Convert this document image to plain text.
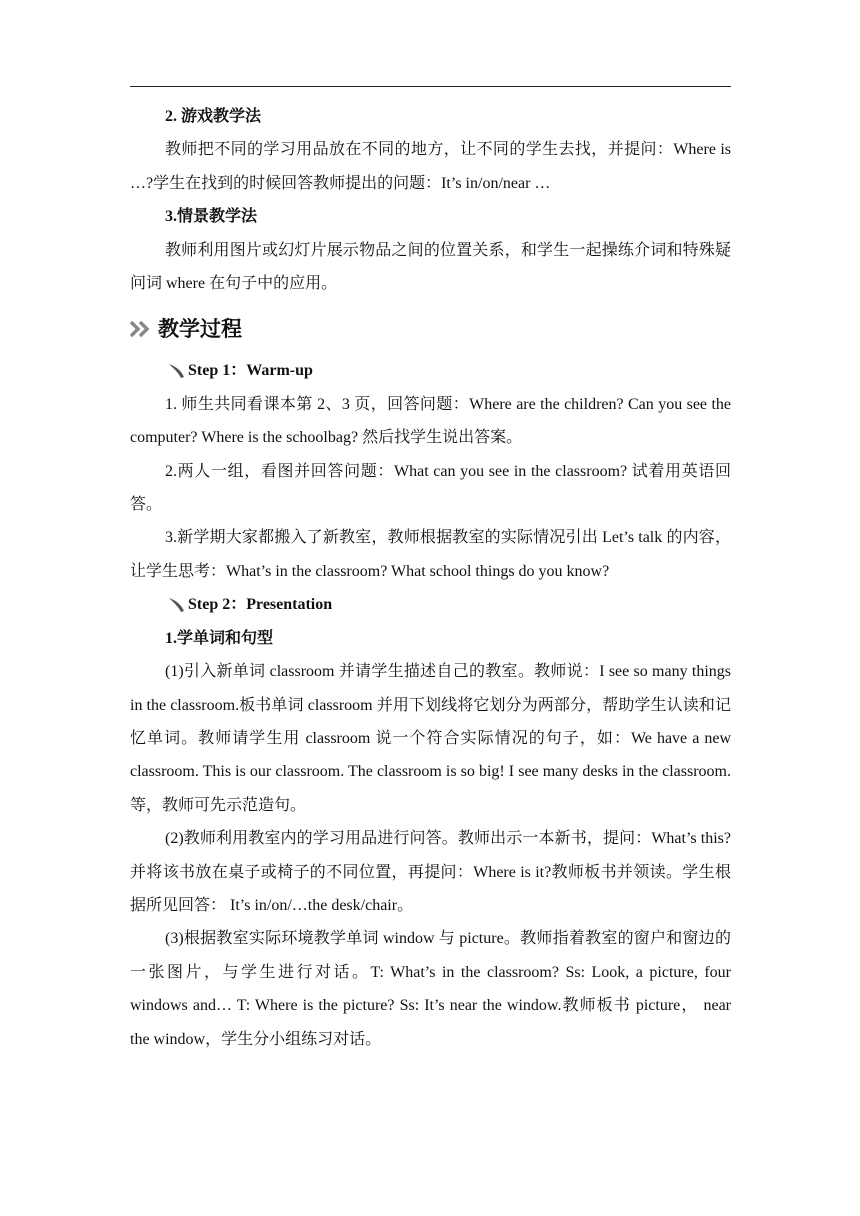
2. 游戏教学法

教师把不同的学习用品放在不同的地方，让不同的学生去找，并提问：Where is …?学生在找到的时候回答教师提出的问题：It’s in/on/near …

3.情景教学法

教师利用图片或幻灯片展示物品之间的位置关系，和学生一起操练介词和特殊疑问词 where 在句子中的应用。

教学过程

Step 1：Warm-up

1. 师生共同看课本第 2、3 页，回答问题：Where are the children? Can you see the computer? Where is the schoolbag? 然后找学生说出答案。

2.两人一组，看图并回答问题：What can you see in the classroom? 试着用英语回答。

3.新学期大家都搬入了新教室，教师根据教室的实际情况引出 Let’s talk 的内容，让学生思考：What’s in the classroom? What school things do you know?

Step 2：Presentation

1.学单词和句型

(1)引入新单词 classroom 并请学生描述自己的教室。教师说：I see so many things in the classroom.板书单词 classroom 并用下划线将它划分为两部分，帮助学生认读和记忆单词。教师请学生用 classroom 说一个符合实际情况的句子，如：We have a new classroom. This is our classroom. The classroom is so big! I see many desks in the classroom.等，教师可先示范造句。

(2)教师利用教室内的学习用品进行问答。教师出示一本新书，提问：What’s this? 并将该书放在桌子或椅子的不同位置，再提问：Where is it?教师板书并领读。学生根据所见回答： It’s in/on/…the desk/chair。

(3)根据教室实际环境教学单词 window 与 picture。教师指着教室的窗户和窗边的一张图片，与学生进行对话。T: What’s in the classroom? Ss: Look, a picture, four windows and… T: Where is the picture? Ss: It’s near the window.教师板书 picture， near the window，学生分小组练习对话。
